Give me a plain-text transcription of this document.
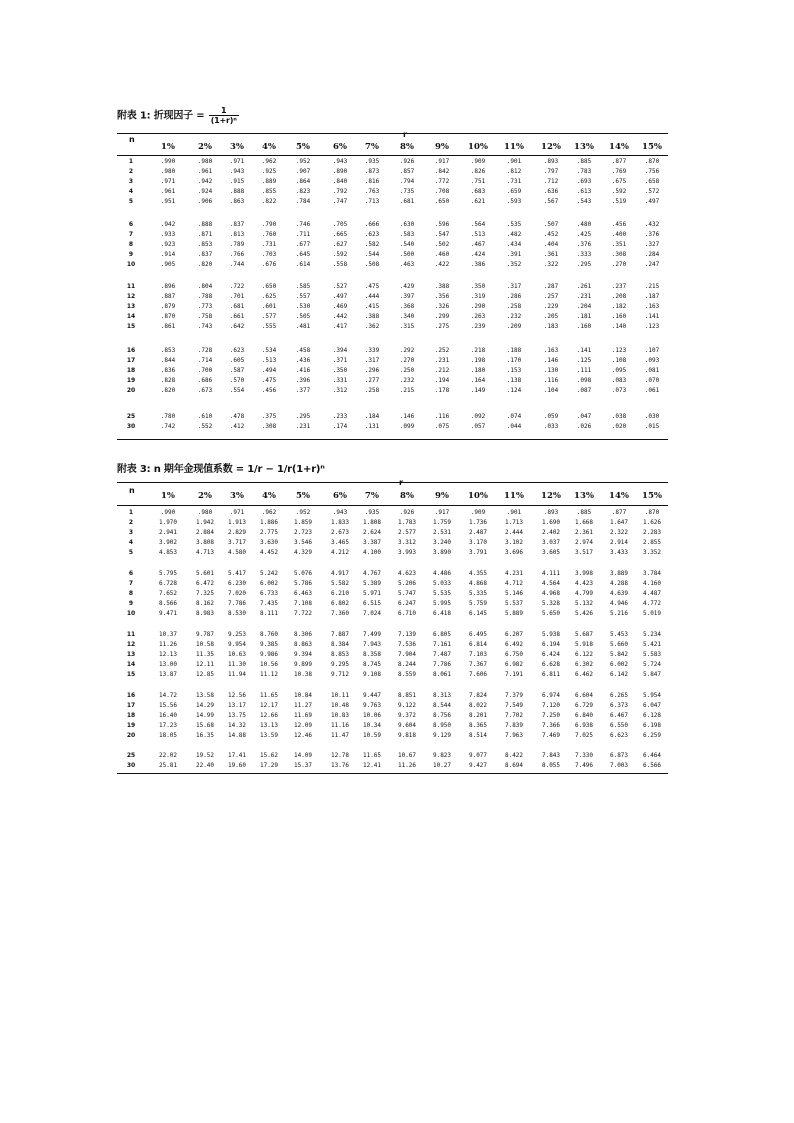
附表 1: 折现因子 = $\frac{1}{\text{(1+r)ⁿ}}$
r
n
1%	2% 3% 4% 5%	6% 7% 8% 9% 10% 11% 12% 13% 14% 15%
1	.990	.980	.971	.962	.952	.943	.935	.926	.917	.909	.901	.893	.885	.877	.870
2	.980	.961	.943	.925	.907	.890	.873	.857	.842	.826	.812	.797	.783	.769	.756
3	.971	.942	.915	.889	.864	.840	.816	.794	.772	.751	.731	.712	.693	.675	.658
4	.961	.924	.888	.855	.823	.792	.763	.735	.708	.683	.659	.636	.613	.592	.572
5	.951	.906	.863	.822	.784	.747	.713	.681	.650	.621	.593	.567	.543	.519	.497
6	.942	.888	.837	.790	.746	.705	.666	.630	.596	.564	.535	.507	.480	.456	.432
7	.933	.871	.813	.760	.711	.665	.623	.583	.547	.513	.482	.452	.425	.400	.376
8	.923	.853	.789	.731	.677	.627	.582	.540	.502	.467	.434	.404	.376	.351	.327
9	.914	.837	.766	.703	.645	.592	.544	.500	.460	.424	.391	.361	.333	.308	.284
10	.905	.820	.744	.676	.614	.558	.508	.463	.422	.386	.352	.322	.295	.270	.247
11	.896	.804	.722	.650	.585	.527	.475	.429	.388	.350	.317	.287	.261	.237	.215
12	.887	.788	.701	.625	.557	.497	.444	.397	.356	.319	.286	.257	.231	.208	.187
13	.879	.773	.681	.601	.530	.469	.415	.368	.326	.290	.258	.229	.204	.182	.163
14	.870	.758	.661	.577	.505	.442	.388	.340	.299	.263	.232	.205	.181	.160	.141
15	.861	.743	.642	.555	.481	.417	.362	.315	.275	.239	.209	.183	.160	.140	.123
16	.853	.728	.623	.534	.458	.394	.339	.292	.252	.218	.188	.163	.141	.123	.107
17	.844	.714	.605	.513	.436	.371	.317	.270	.231	.198	.170	.146	.125	.108	.093
18	.836	.700	.587	.494	.416	.350	.296	.250	.212	.180	.153	.130	.111	.095	.081
19	.828	.686	.570	.475	.396	.331	.277	.232	.194	.164	.138	.116	.098	.083	.070
20	.820	.673	.554	.456	.377	.312	.258	.215	.178	.149	.124	.104	.087	.073	.061
25	.780	.610	.478	.375	.295	.233	.184	.146	.116	.092	.074	.059	.047	.038	.030
30	.742	.552	.412	.308	.231	.174	.131	.099	.075	.057	.044	.033	.026	.020	.015
附表 3: n 期年金现值系数 = 1/r − 1/r(1+r)ⁿ
r
n
1%	2% 3% 4% 5%	6% 7% 8% 9% 10% 11% 12% 13% 14% 15%
1	.990	.980	.971	.962	.952	.943	.935	.926	.917	.909	.901	.893	.885	.877	.870
2	1.970	1.942	1.913	1.886	1.859	1.833	1.808	1.783	1.759	1.736	1.713	1.690	1.668	1.647	1.626
3	2.941	2.884	2.829	2.775	2.723	2.673	2.624	2.577	2.531	2.487	2.444	2.402	2.361	2.322	2.283
4	3.902	3.808	3.717	3.630	3.546	3.465	3.387	3.312	3.240	3.170	3.102	3.037	2.974	2.914	2.855
5	4.853	4.713	4.580	4.452	4.329	4.212	4.100	3.993	3.890	3.791	3.696	3.605	3.517	3.433	3.352
6	5.795	5.601	5.417	5.242	5.076	4.917	4.767	4.623	4.486	4.355	4.231	4.111	3.998	3.889	3.784
7	6.728	6.472	6.230	6.002	5.786	5.582	5.389	5.206	5.033	4.868	4.712	4.564	4.423	4.288	4.160
8	7.652	7.325	7.020	6.733	6.463	6.210	5.971	5.747	5.535	5.335	5.146	4.968	4.799	4.639	4.487
9	8.566	8.162	7.786	7.435	7.108	6.802	6.515	6.247	5.995	5.759	5.537	5.328	5.132	4.946	4.772
10	9.471	8.983	8.530	8.111	7.722	7.360	7.024	6.710	6.418	6.145	5.889	5.650	5.426	5.216	5.019
11	10.37	9.787	9.253	8.760	8.306	7.887	7.499	7.139	6.805	6.495	6.207	5.938	5.687	5.453	5.234
12	11.26	10.58	9.954	9.385	8.863	8.384	7.943	7.536	7.161	6.814	6.492	6.194	5.918	5.660	5.421
13	12.13	11.35	10.63	9.986	9.394	8.853	8.358	7.904	7.487	7.103	6.750	6.424	6.122	5.842	5.583
14	13.00	12.11	11.30	10.56	9.899	9.295	8.745	8.244	7.786	7.367	6.982	6.628	6.302	6.002	5.724
15	13.87	12.85	11.94	11.12	10.38	9.712	9.108	8.559	8.061	7.606	7.191	6.811	6.462	6.142	5.847
16	14.72	13.58	12.56	11.65	10.84	10.11	9.447	8.851	8.313	7.824	7.379	6.974	6.604	6.265	5.954
17	15.56	14.29	13.17	12.17	11.27	10.48	9.763	9.122	8.544	8.022	7.549	7.120	6.729	6.373	6.047
18	16.40	14.99	13.75	12.66	11.69	10.83	10.06	9.372	8.756	8.201	7.702	7.250	6.840	6.467	6.128
19	17.23	15.68	14.32	13.13	12.09	11.16	10.34	9.604	8.950	8.365	7.839	7.366	6.938	6.550	6.198
20	18.05	16.35	14.88	13.59	12.46	11.47	10.59	9.818	9.129	8.514	7.963	7.469	7.025	6.623	6.259
25	22.02	19.52	17.41	15.62	14.09	12.78	11.65	10.67	9.823	9.077	8.422	7.843	7.330	6.873	6.464
30	25.81	22.40	19.60	17.29	15.37	13.76	12.41	11.26	10.27	9.427	8.694	8.055	7.496	7.003	6.566
